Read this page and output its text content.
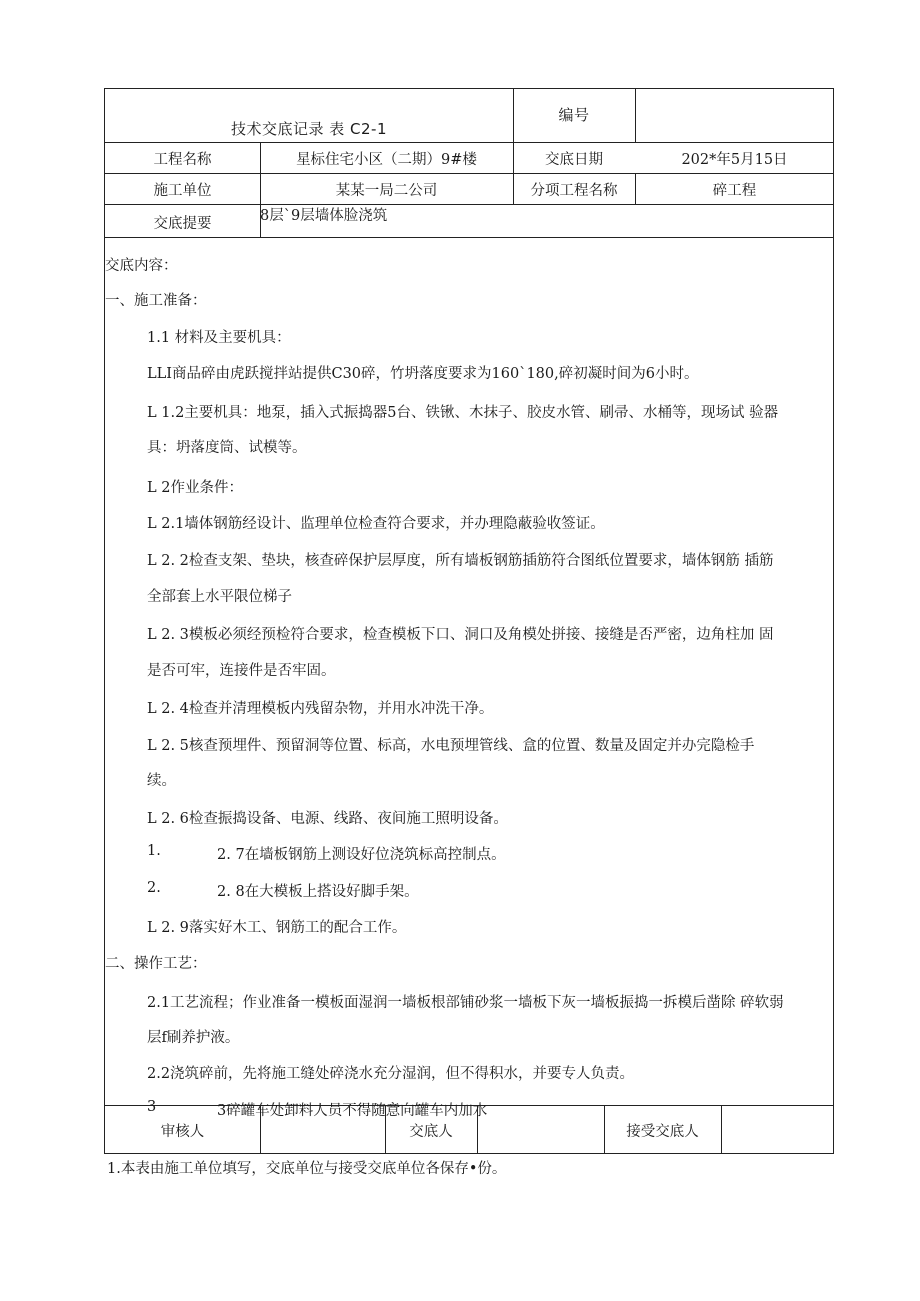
技术交底记录 表 C2-1
编号
工程名称	星标住宅小区（二期）9#楼	交底日期	202*年5月15日
施工单位	某某一局二公司	分项工程名称	碎工程
交底提要	8层`9层墙体脸浇筑
交底内容：
一、施工准备：
1.1 材料及主要机具：
LLI商品碎由虎跃搅拌站提供C30碎，竹坍落度要求为160`180,碎初凝时间为6小时。
L 1.2主要机具：地泵，插入式振捣器5台、铁锹、木抹子、胶皮水管、刷帚、水桶等，现场试 验器
具：坍落度筒、试模等。
L 2作业条件：
L 2.1墙体钢筋经设计、监理单位检查符合要求，并办理隐蔽验收签证。
L 2. 2检查支架、垫块，核查碎保护层厚度，所有墙板钢筋插筋符合图纸位置要求，墙体钢筋 插筋
全部套上水平限位梯子
L 2. 3模板必须经预检符合要求，检查模板下口、洞口及角模处拼接、接缝是否严密，边角柱加 固
是否可牢，连接件是否牢固。
L 2. 4检查并清理模板内残留杂物，并用水冲洗干净。
L 2. 5核查预埋件、预留洞等位置、标高，水电预埋管线、盒的位置、数量及固定并办完隐检手
续。
L 2. 6检查振捣设备、电源、线路、夜间施工照明设备。
1.	2. 7在墙板钢筋上测设好位浇筑标高控制点。
2.	2. 8在大模板上搭设好脚手架。
L 2. 9落实好木工、钢筋工的配合工作。
二、操作工艺：
2.1工艺流程；作业准备一模板面湿润一墙板根部铺砂浆一墙板下灰一墙板振捣一拆模后凿除 碎软弱
层f刷养护液。
2.2浇筑碎前，先将施工缝处碎浇水充分湿润，但不得积水，并要专人负责。
3	3碎罐车处卸料人员不得随意向罐车内加水
审核人	交底人	接受交底人
1.本表由施工单位填写，交底单位与接受交底单位各保存•份。
